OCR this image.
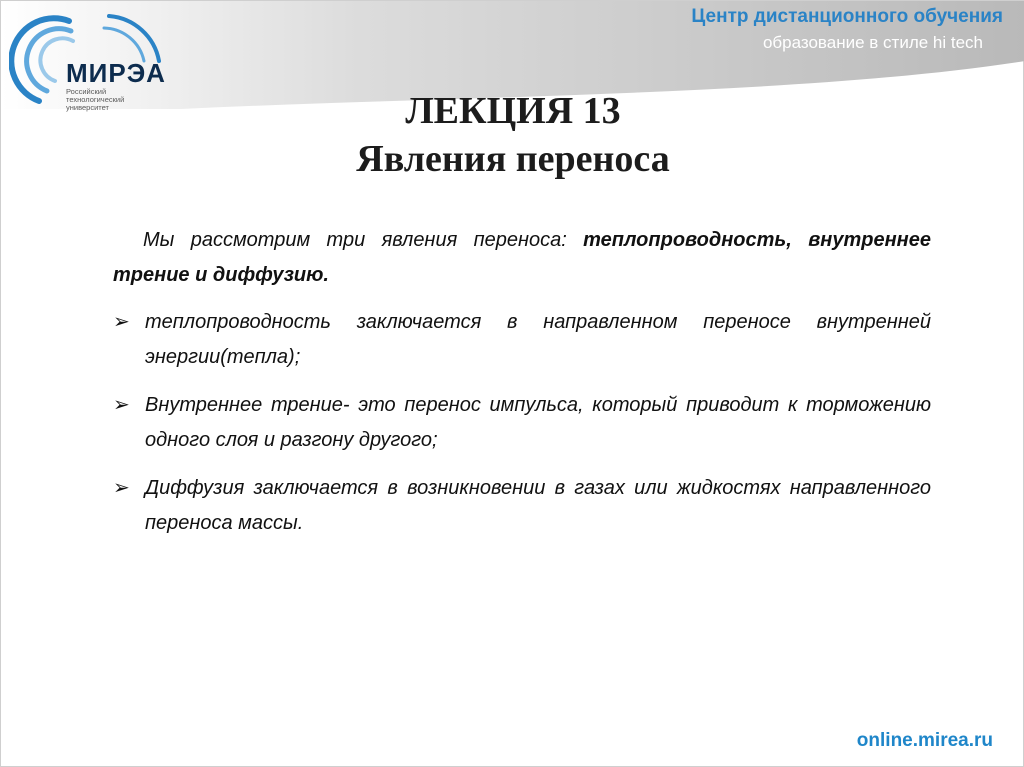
МИРЭА
Российский технологический университет
Центр дистанционного обучения
образование в стиле hi tech
ЛЕКЦИЯ 13
Явления переноса

Мы рассмотрим три явления переноса: теплопроводность, внутреннее трение и диффузию.

➢ теплопроводность заключается в направленном переносе внутренней энергии(тепла);
➢ Внутреннее трение- это перенос импульса, который приводит к торможению одного слоя и разгону другого;
➢ Диффузия заключается в возникновении в газах или жидкостях направленного переноса массы.
online.mirea.ru
